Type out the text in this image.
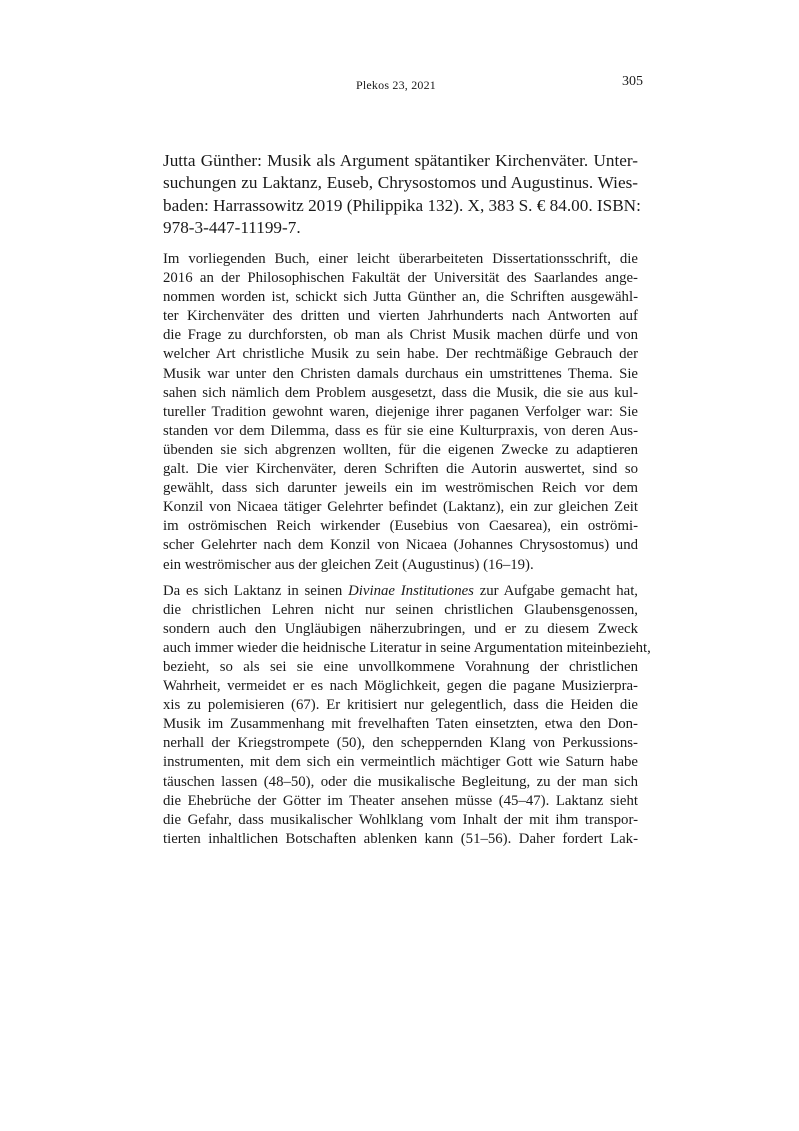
Plekos 23, 2021	305
Jutta Günther: Musik als Argument spätantiker Kirchenväter. Unter-
suchungen zu Laktanz, Euseb, Chrysostomos und Augustinus. Wies-
baden: Harrassowitz 2019 (Philippika 132). X, 383 S. € 84.00. ISBN:
978-3-447-11199-7.
Im vorliegenden Buch, einer leicht überarbeiteten Dissertationsschrift, die
2016 an der Philosophischen Fakultät der Universität des Saarlandes ange-
nommen worden ist, schickt sich Jutta Günther an, die Schriften ausgewähl-
ter Kirchenväter des dritten und vierten Jahrhunderts nach Antworten auf
die Frage zu durchforsten, ob man als Christ Musik machen dürfe und von
welcher Art christliche Musik zu sein habe. Der rechtmäßige Gebrauch der
Musik war unter den Christen damals durchaus ein umstrittenes Thema. Sie
sahen sich nämlich dem Problem ausgesetzt, dass die Musik, die sie aus kul-
tureller Tradition gewohnt waren, diejenige ihrer paganen Verfolger war: Sie
standen vor dem Dilemma, dass es für sie eine Kulturpraxis, von deren Aus-
übenden sie sich abgrenzen wollten, für die eigenen Zwecke zu adaptieren
galt. Die vier Kirchenväter, deren Schriften die Autorin auswertet, sind so
gewählt, dass sich darunter jeweils ein im weströmischen Reich vor dem
Konzil von Nicaea tätiger Gelehrter befindet (Laktanz), ein zur gleichen Zeit
im oströmischen Reich wirkender (Eusebius von Caesarea), ein oströmi-
scher Gelehrter nach dem Konzil von Nicaea (Johannes Chrysostomus) und
ein weströmischer aus der gleichen Zeit (Augustinus) (16–19).
Da es sich Laktanz in seinen Divinae Institutiones zur Aufgabe gemacht hat,
die christlichen Lehren nicht nur seinen christlichen Glaubensgenossen,
sondern auch den Ungläubigen näherzubringen, und er zu diesem Zweck
auch immer wieder die heidnische Literatur in seine Argumentation miteinbezieht,
bezieht, so als sei sie eine unvollkommene Vorahnung der christlichen
Wahrheit, vermeidet er es nach Möglichkeit, gegen die pagane Musizierpra-
xis zu polemisieren (67). Er kritisiert nur gelegentlich, dass die Heiden die
Musik im Zusammenhang mit frevelhaften Taten einsetzten, etwa den Don-
nerhall der Kriegstrompete (50), den scheppernden Klang von Perkussions-
instrumenten, mit dem sich ein vermeintlich mächtiger Gott wie Saturn habe
täuschen lassen (48–50), oder die musikalische Begleitung, zu der man sich
die Ehebrüche der Götter im Theater ansehen müsse (45–47). Laktanz sieht
die Gefahr, dass musikalischer Wohlklang vom Inhalt der mit ihm transpor-
tierten inhaltlichen Botschaften ablenken kann (51–56). Daher fordert Lak-
